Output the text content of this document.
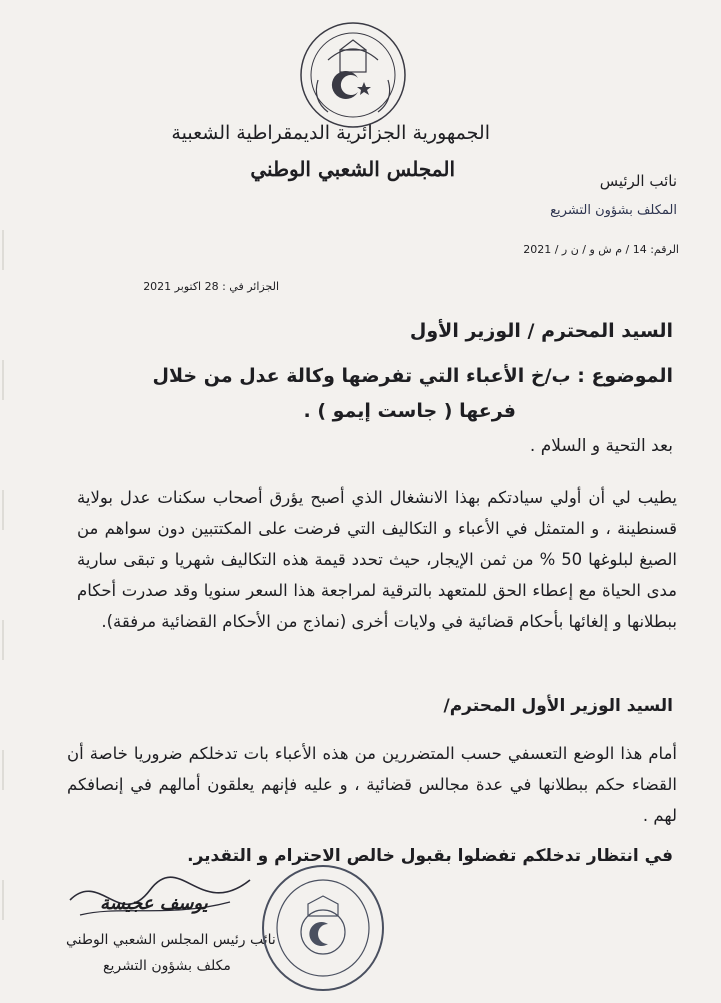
الجمهورية الجزائرية الديمقراطية الشعبية
المجلس الشعبي الوطني	نائب الرئيس
المكلف بشؤون التشريع
الرقم: 14 / م ش و / ن ر / 2021
الجزائر في : 28 اكتوبر 2021
السيد المحترم / الوزير الأول
الموضوع : ب/خ الأعباء التي تفرضها وكالة عدل من خلال
فرعها ( جاست إيمو ) .
بعد التحية و السلام .
يطيب لي أن أولي سيادتكم بهذا الانشغال الذي أصبح يؤرق أصحاب سكنات عدل بولاية قسنطينة ، و المتمثل في الأعباء و التكاليف التي فرضت على المكتتبين دون سواهم من الصيغ لبلوغها 50 % من ثمن الإيجار، حيث تحدد قيمة هذه التكاليف شهريا و تبقى سارية مدى الحياة مع إعطاء الحق للمتعهد بالترقية لمراجعة هذا السعر سنويا وقد صدرت أحكام ببطلانها و إلغائها بأحكام قضائية في ولايات أخرى (نماذج من الأحكام القضائية مرفقة).
السيد الوزير الأول المحترم/
أمام هذا الوضع التعسفي حسب المتضررين من هذه الأعباء بات تدخلكم ضروريا خاصة أن القضاء حكم ببطلانها في عدة مجالس قضائية ، و عليه فإنهم يعلقون أمالهم في إنصافكم لهم .
في انتظار تدخلكم تفضلوا بقبول خالص الاحترام و التقدير.
يوسف عجيسة
نائب رئيس المجلس الشعبي الوطني
مكلف بشؤون التشريع
